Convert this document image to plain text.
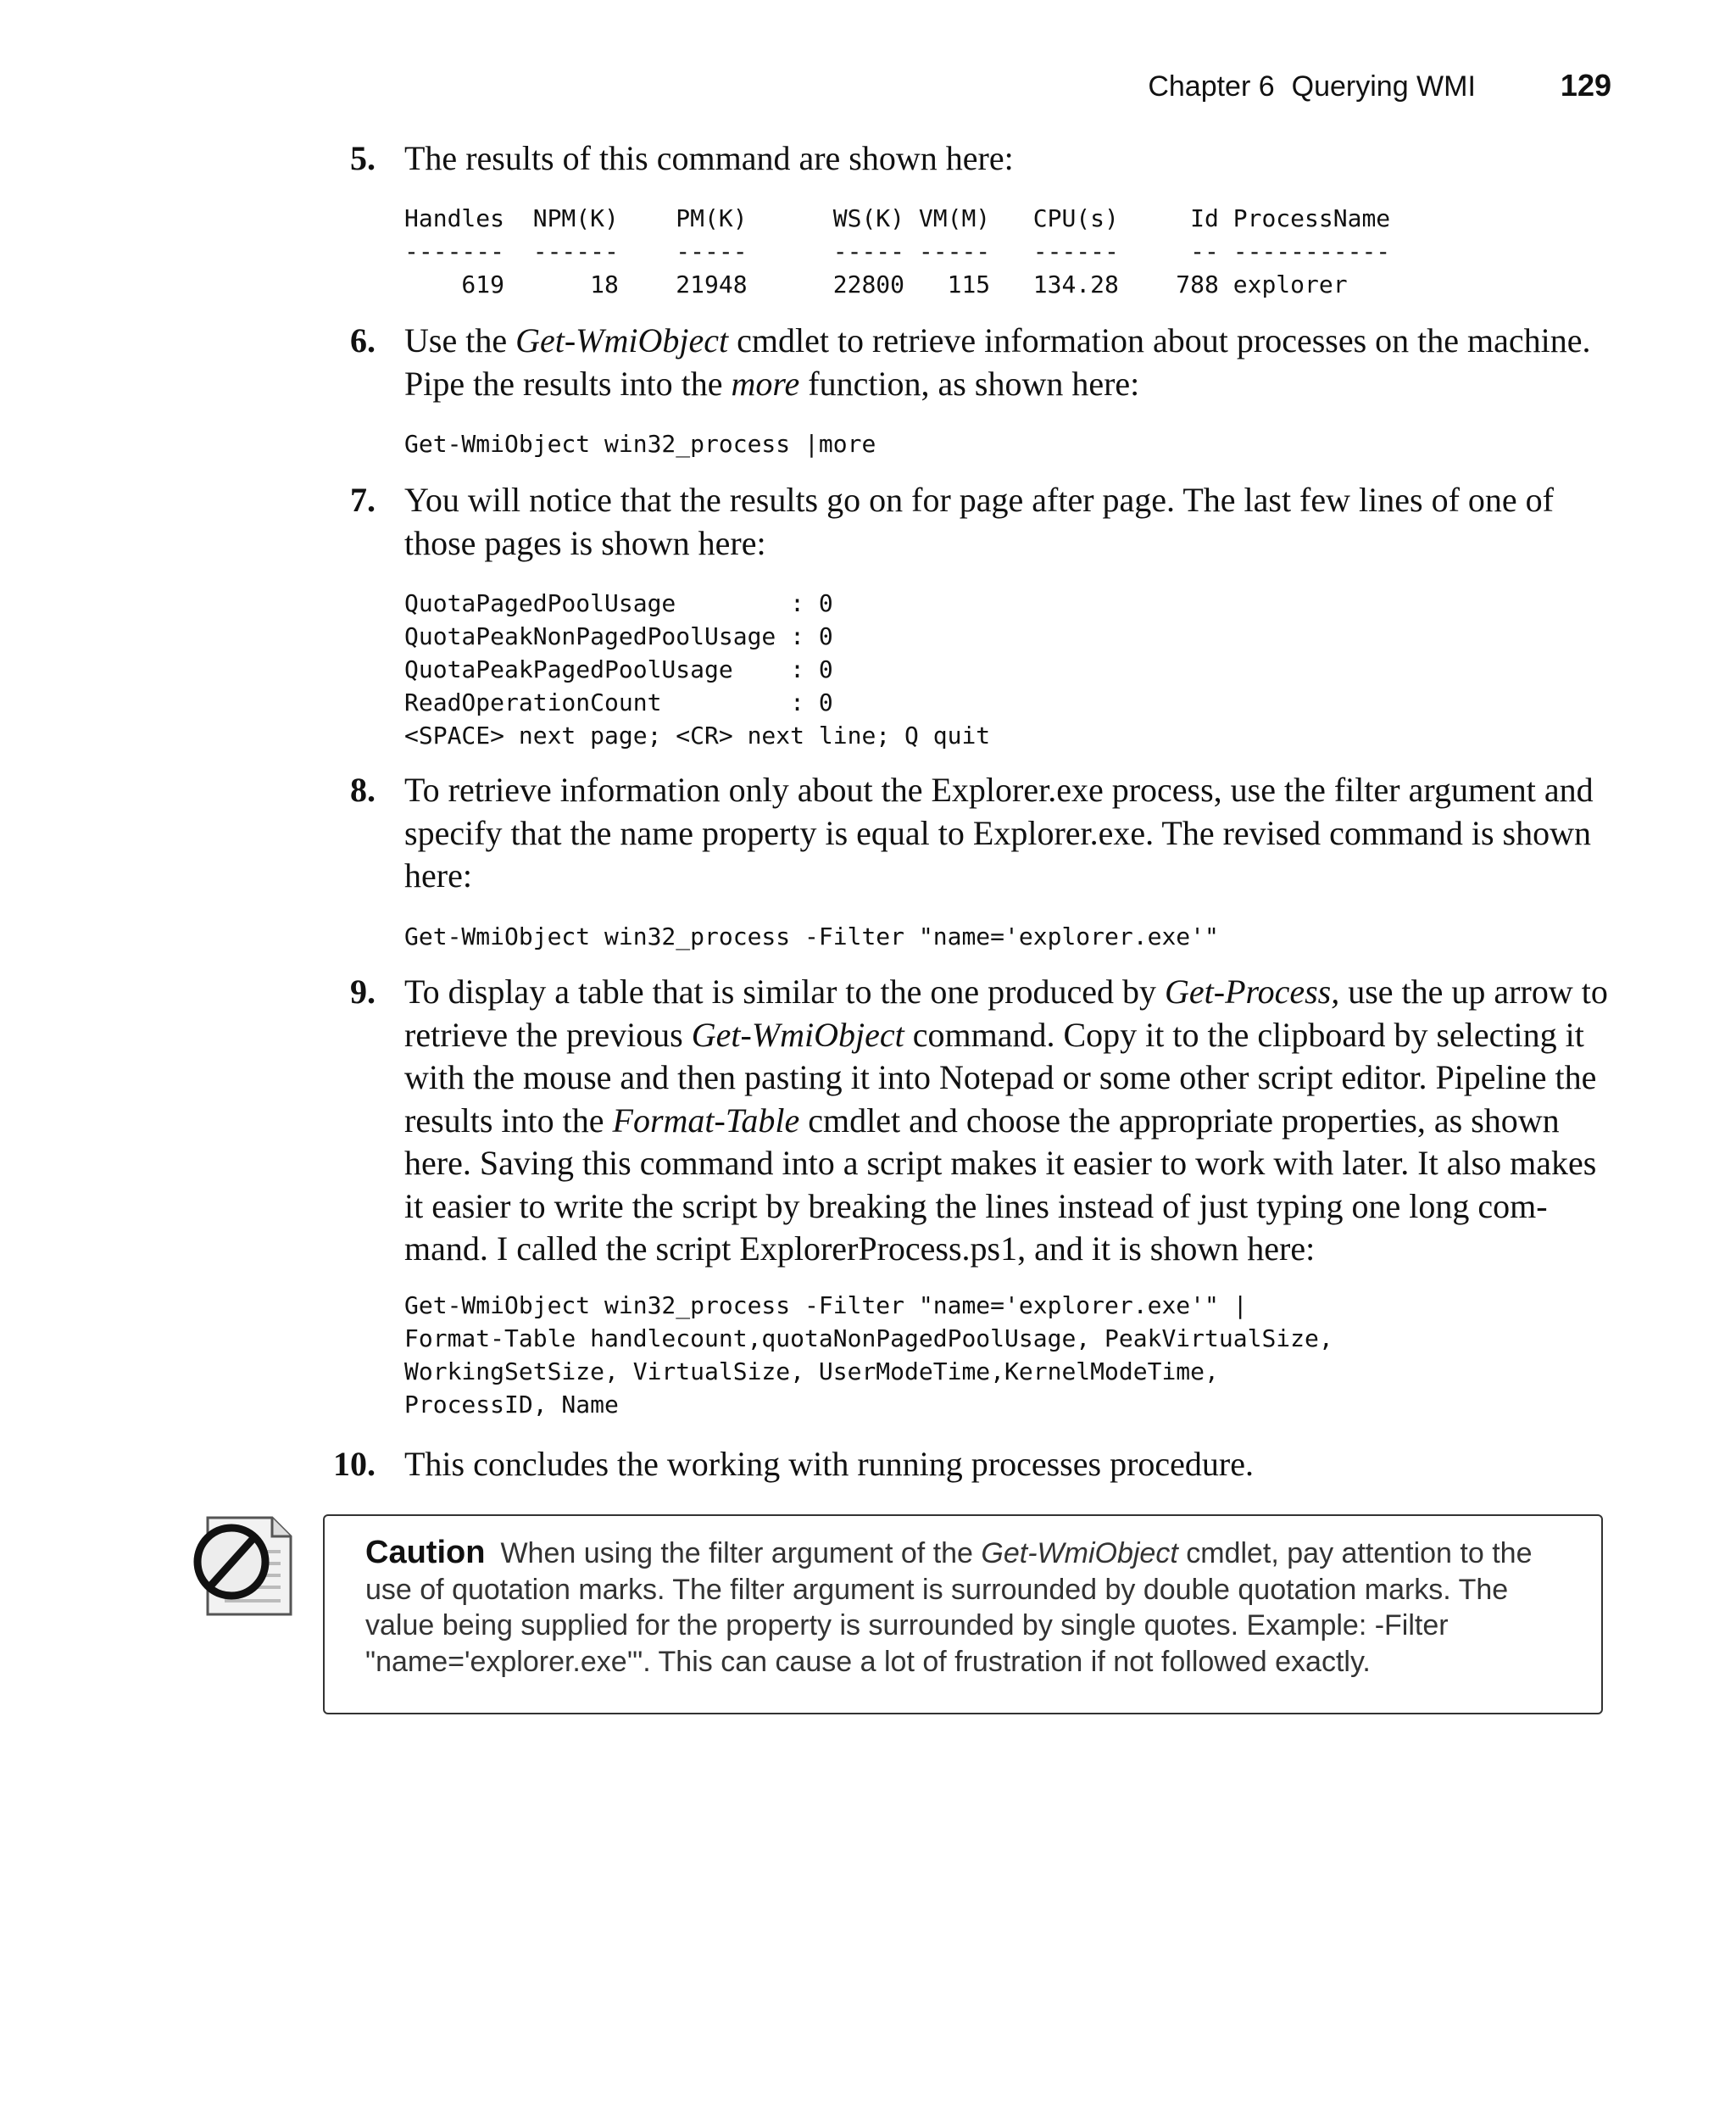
Chapter 6 Querying WMI	129
5. The results of this command are shown here:
Handles  NPM(K)    PM(K)      WS(K) VM(M)   CPU(s)     Id ProcessName
-------  ------    -----      ----- -----   ------     -- -----------
619      18    21948      22800   115   134.28    788 explorer
6. Use the Get-WmiObject cmdlet to retrieve information about processes on the machine. Pipe the results into the more function, as shown here:
Get-WmiObject win32_process |more
7. You will notice that the results go on for page after page. The last few lines of one of those pages is shown here:
QuotaPagedPoolUsage        : 0
QuotaPeakNonPagedPoolUsage : 0
QuotaPeakPagedPoolUsage    : 0
ReadOperationCount         : 0
<SPACE> next page; <CR> next line; Q quit
8. To retrieve information only about the Explorer.exe process, use the filter argument and specify that the name property is equal to Explorer.exe. The revised command is shown here:
Get-WmiObject win32_process -Filter "name='explorer.exe'"
9. To display a table that is similar to the one produced by Get-Process, use the up arrow to retrieve the previous Get-WmiObject command. Copy it to the clipboard by selecting it with the mouse and then pasting it into Notepad or some other script editor. Pipeline the results into the Format-Table cmdlet and choose the appropriate properties, as shown here. Saving this command into a script makes it easier to work with later. It also makes it easier to write the script by breaking the lines instead of just typing one long com-mand. I called the script ExplorerProcess.ps1, and it is shown here:
Get-WmiObject win32_process -Filter "name='explorer.exe'" |
Format-Table handlecount,quotaNonPagedPoolUsage, PeakVirtualSize,
WorkingSetSize, VirtualSize, UserModeTime,KernelModeTime,
ProcessID, Name
10. This concludes the working with running processes procedure.
Caution When using the filter argument of the Get-WmiObject cmdlet, pay attention to the use of quotation marks. The filter argument is surrounded by double quotation marks. The value being supplied for the property is surrounded by single quotes. Example: -Filter "name='explorer.exe'". This can cause a lot of frustration if not followed exactly.
